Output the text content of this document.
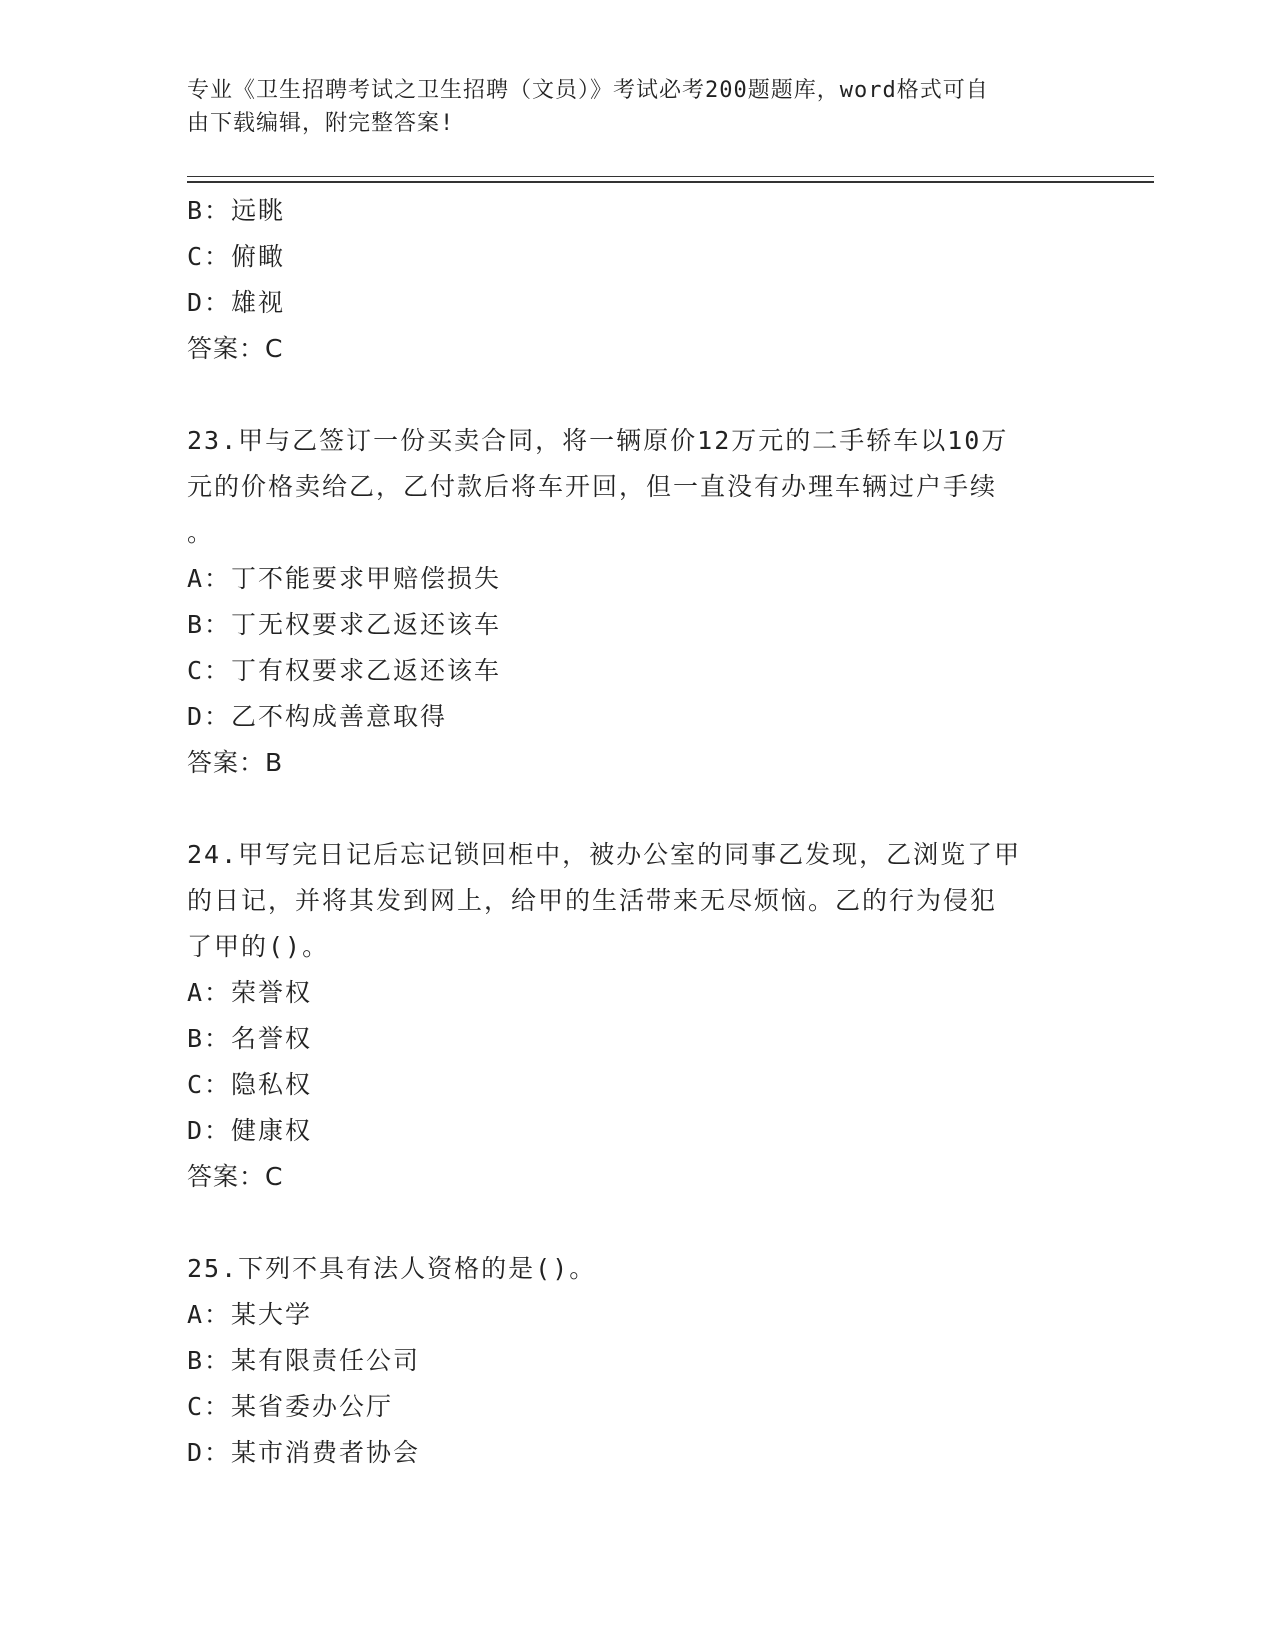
专业《卫生招聘考试之卫生招聘（文员）》考试必考200题题库，word格式可自
由下载编辑，附完整答案!
B：远眺
C：俯瞰
D：雄视
答案：C
23.甲与乙签订一份买卖合同，将一辆原价12万元的二手轿车以10万
元的价格卖给乙，乙付款后将车开回，但一直没有办理车辆过户手续
。
A：丁不能要求甲赔偿损失
B：丁无权要求乙返还该车
C：丁有权要求乙返还该车
D：乙不构成善意取得
答案：B
24.甲写完日记后忘记锁回柜中，被办公室的同事乙发现，乙浏览了甲
的日记，并将其发到网上，给甲的生活带来无尽烦恼。乙的行为侵犯
了甲的()。
A：荣誉权
B：名誉权
C：隐私权
D：健康权
答案：C
25.下列不具有法人资格的是()。
A：某大学
B：某有限责任公司
C：某省委办公厅
D：某市消费者协会
